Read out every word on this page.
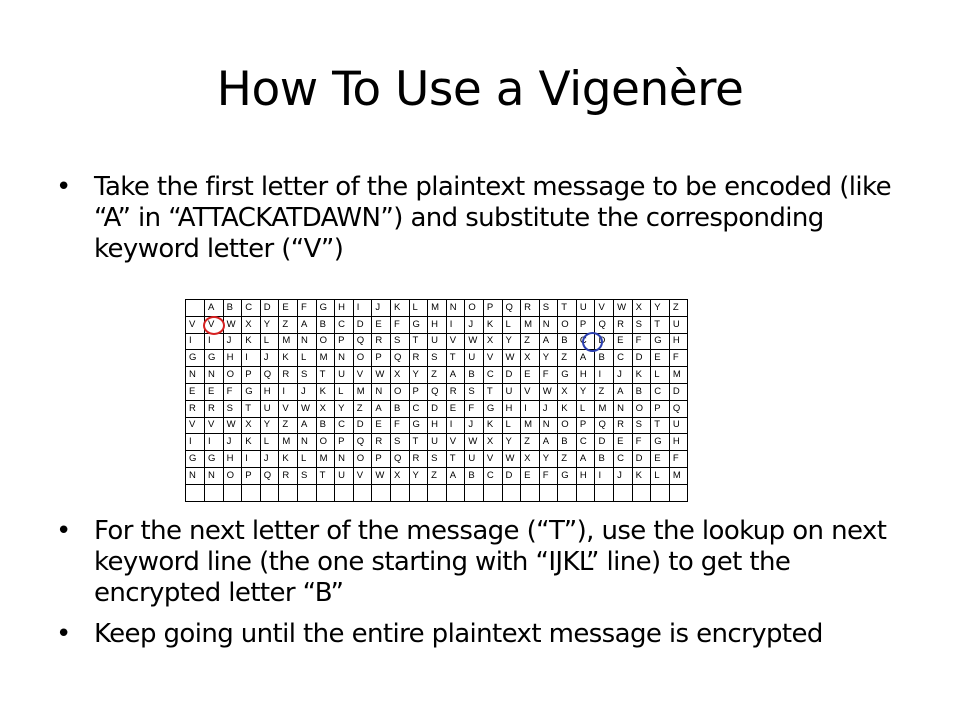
How To Use a Vigenère
• Take the first letter of the plaintext message to be encoded (like “A” in “ATTACKATDAWN”) and substitute the corresponding keyword letter (“V”)
	A	B	C	D	E	F	G	H	I	J	K	L	M	N	O	P	Q	R	S	T	U	V	W	X	Y	Z
V	V	W	X	Y	Z	A	B	C	D	E	F	G	H	I	J	K	L	M	N	O	P	Q	R	S	T	U
I	I	J	K	L	M	N	O	P	Q	R	S	T	U	V	W	X	Y	Z	A	B	C	D	E	F	G	H
G	G	H	I	J	K	L	M	N	O	P	Q	R	S	T	U	V	W	X	Y	Z	A	B	C	D	E	F
N	N	O	P	Q	R	S	T	U	V	W	X	Y	Z	A	B	C	D	E	F	G	H	I	J	K	L	M
E	E	F	G	H	I	J	K	L	M	N	O	P	Q	R	S	T	U	V	W	X	Y	Z	A	B	C	D
R	R	S	T	U	V	W	X	Y	Z	A	B	C	D	E	F	G	H	I	J	K	L	M	N	O	P	Q
V	V	W	X	Y	Z	A	B	C	D	E	F	G	H	I	J	K	L	M	N	O	P	Q	R	S	T	U
I	I	J	K	L	M	N	O	P	Q	R	S	T	U	V	W	X	Y	Z	A	B	C	D	E	F	G	H
G	G	H	I	J	K	L	M	N	O	P	Q	R	S	T	U	V	W	X	Y	Z	A	B	C	D	E	F
N	N	O	P	Q	R	S	T	U	V	W	X	Y	Z	A	B	C	D	E	F	G	H	I	J	K	L	M

• For the next letter of the message (“T”), use the lookup on next keyword line (the one starting with “IJKL” line) to get the encrypted letter “B”
• Keep going until the entire plaintext message is encrypted
